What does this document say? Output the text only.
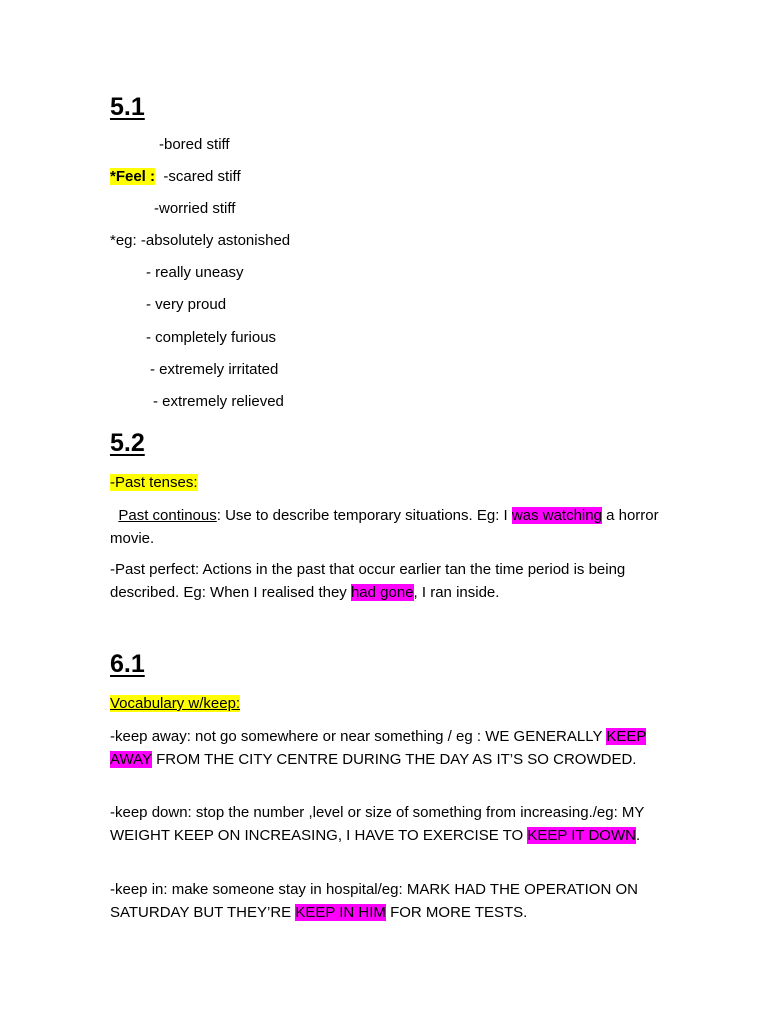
5.1
-bored stiff
*Feel : -scared stiff
-worried stiff
*eg: -absolutely astonished
- really uneasy
- very proud
- completely furious
- extremely irritated
- extremely relieved
5.2
-Past tenses:
Past continous: Use to describe temporary situations. Eg: I was watching a horror movie.
-Past perfect: Actions in the past that occur earlier tan the time period is being described. Eg: When I realised they had gone, I ran inside.
6.1
Vocabulary w/keep:
-keep away: not go somewhere or near something / eg : WE GENERALLY KEEP AWAY FROM THE CITY CENTRE DURING THE DAY AS IT’S SO CROWDED.
-keep down: stop the number ,level or size of something from increasing./eg: MY WEIGHT KEEP ON INCREASING, I HAVE TO EXERCISE TO KEEP IT DOWN.
-keep in: make someone stay in hospital/eg: MARK HAD THE OPERATION ON SATURDAY BUT THEY’RE KEEP IN HIM FOR MORE TESTS.
